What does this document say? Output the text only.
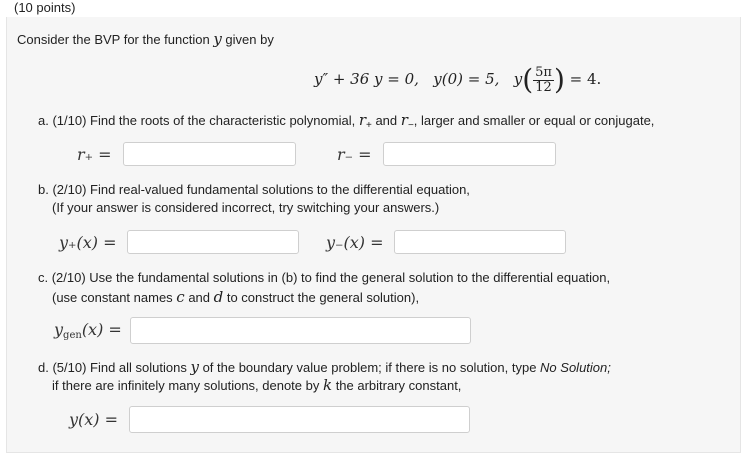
(10 points)
Consider the BVP for the function y given by
y″ + 36 y = 0, y(0) = 5, $y( \frac{5\pi}{12}$ ) = 4.
a. (1/10) Find the roots of the characteristic polynomial, $r_+$ and $r_-$, larger and smaller or equal or conjugate,
r₊ =	r₋ =
b. (2/10) Find real-valued fundamental solutions to the differential equation,
(If your answer is considered incorrect, try switching your answers.)
y₊(x) =	y₋(x) =
c. (2/10) Use the fundamental solutions in (b) to find the general solution to the differential equation,
(use constant names c and d to construct the general solution),
ygen(x) =
d. (5/10) Find all solutions y of the boundary value problem; if there is no solution, type No Solution;
if there are infinitely many solutions, denote by k the arbitrary constant,
y(x) =
